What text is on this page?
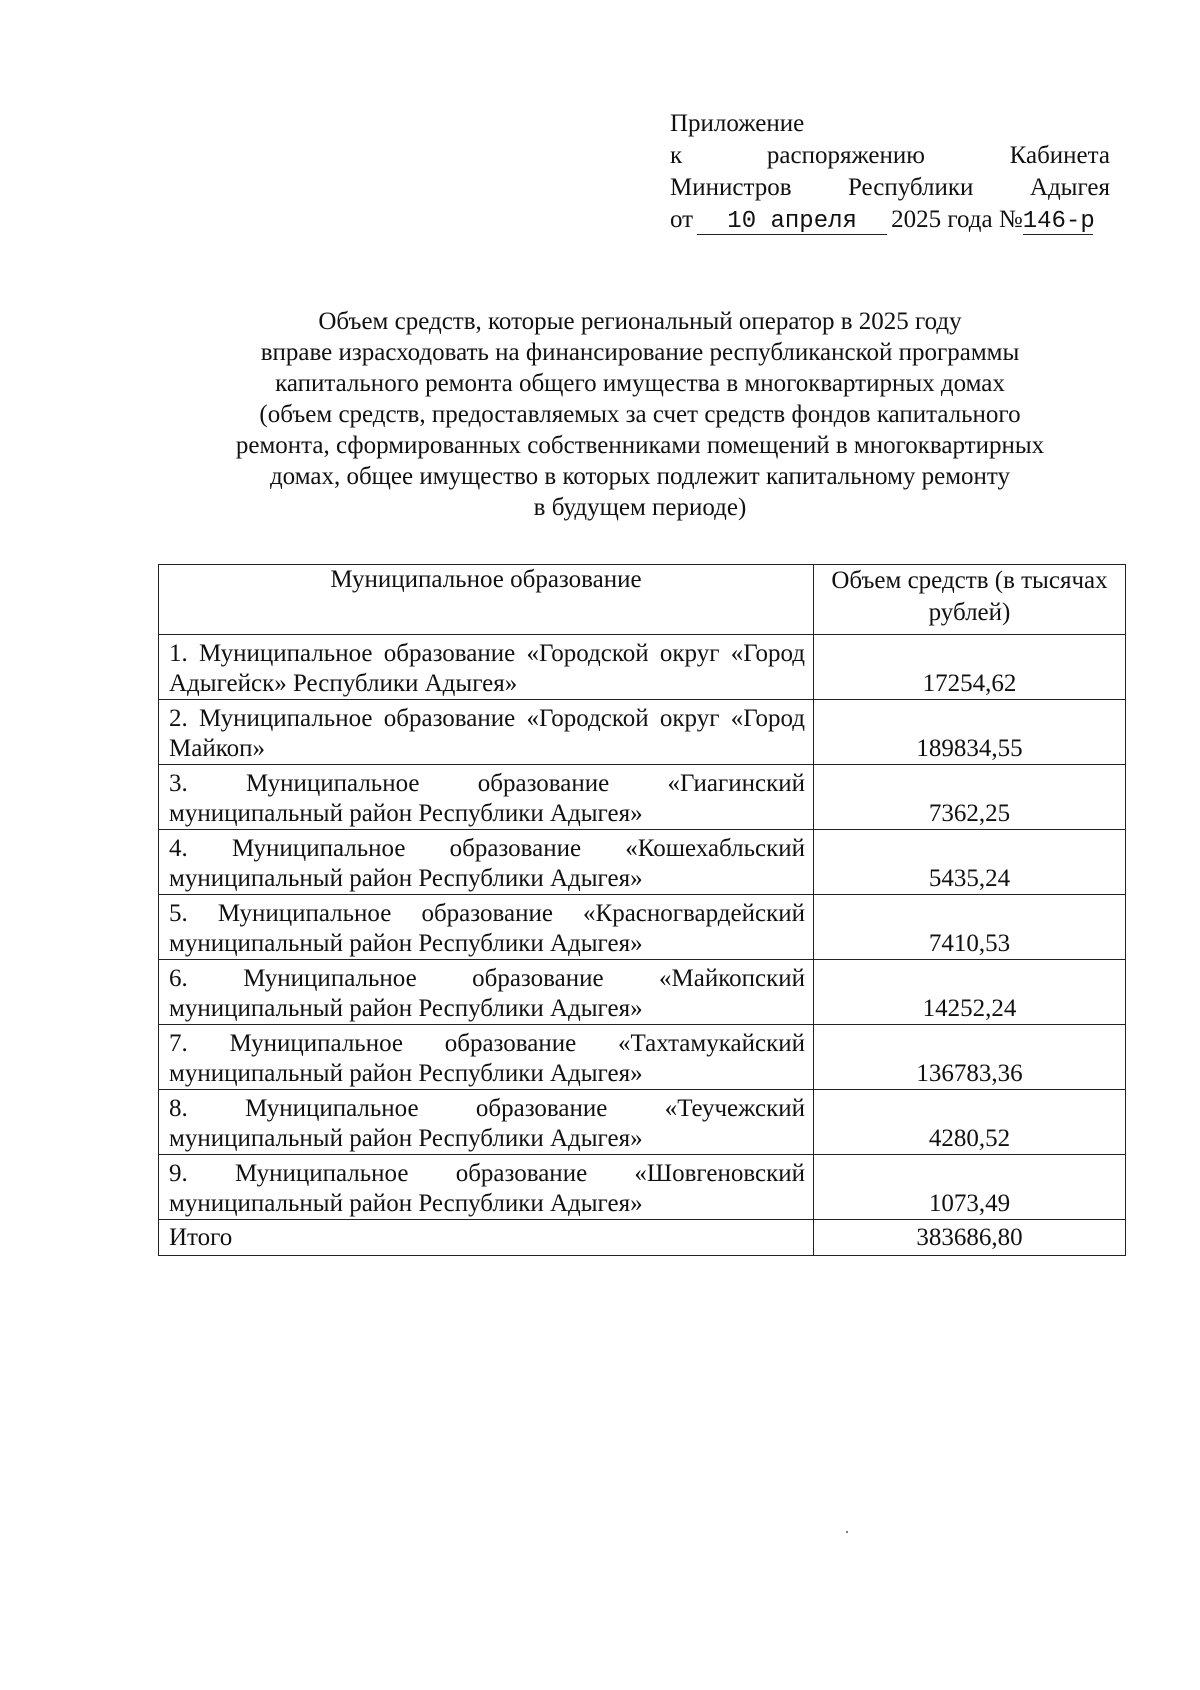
Приложение
к	распоряжению	Кабинета
Министров Республики Адыгея
от 10 апреля 2025 года №146-р
Объем средств, которые региональный оператор в 2025 году
вправе израсходовать на финансирование республиканской программы
капитального ремонта общего имущества в многоквартирных домах
(объем средств, предоставляемых за счет средств фондов капитального
ремонта, сформированных собственниками помещений в многоквартирных
домах, общее имущество в которых подлежит капитальному ремонту
в будущем периоде)
Муниципальное образование	Объем средств (в тысячах рублей)
1. Муниципальное образование «Городской округ «Город Адыгейск» Республики Адыгея»	17254,62
2. Муниципальное образование «Городской округ «Город Майкоп»	189834,55
3. Муниципальное образование «Гиагинский муниципальный район Республики Адыгея»	7362,25
4. Муниципальное образование «Кошехабльский муниципальный район Республики Адыгея»	5435,24
5. Муниципальное образование «Красногвардейский муниципальный район Республики Адыгея»	7410,53
6. Муниципальное образование «Майкопский муниципальный район Республики Адыгея»	14252,24
7. Муниципальное образование «Тахтамукайский муниципальный район Республики Адыгея»	136783,36
8. Муниципальное образование «Теучежский муниципальный район Республики Адыгея»	4280,52
9. Муниципальное образование «Шовгеновский муниципальный район Республики Адыгея»	1073,49
Итого	383686,80
